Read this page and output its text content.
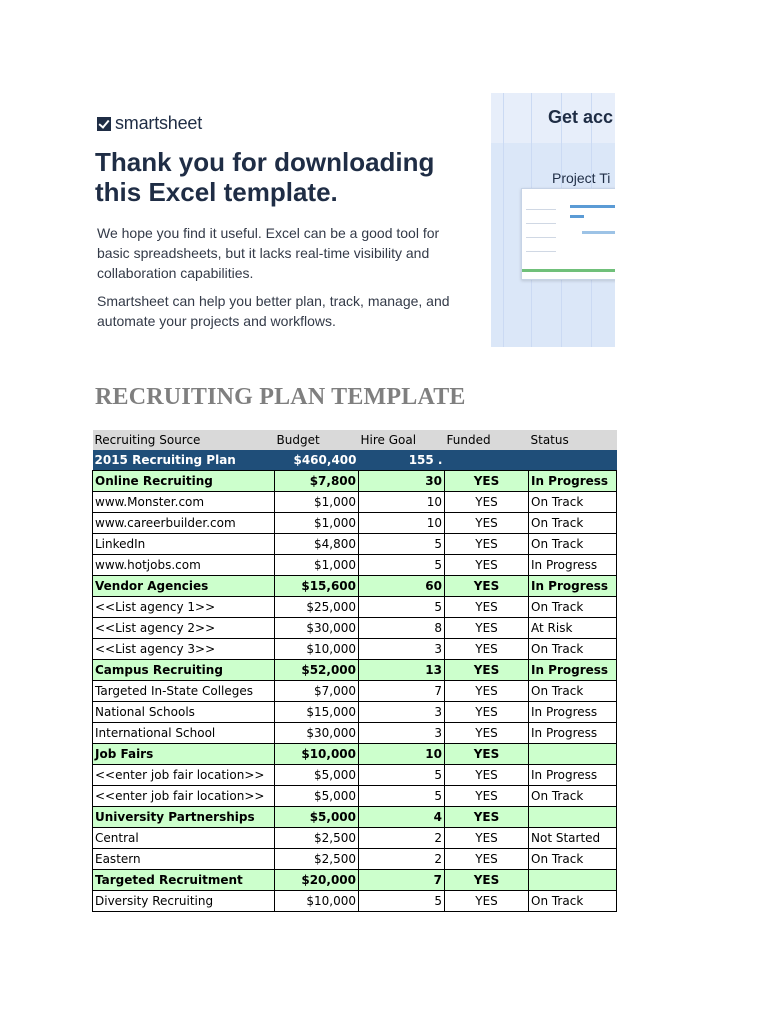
smartsheet
Thank you for downloading this Excel template.

We hope you find it useful. Excel can be a good tool for basic spreadsheets, but it lacks real-time visibility and collaboration capabilities.

Smartsheet can help you better plan, track, manage, and automate your projects and workflows.

Get acc
Project Ti
RECRUITING PLAN TEMPLATE
Recruiting Source	Budget	Hire Goal	Funded	Status
2015 Recruiting Plan	$460,400	155 .		
Online Recruiting	$7,800	30	YES	In Progress
www.Monster.com	$1,000	10	YES	On Track
www.careerbuilder.com	$1,000	10	YES	On Track
LinkedIn	$4,800	5	YES	On Track
www.hotjobs.com	$1,000	5	YES	In Progress
Vendor Agencies	$15,600	60	YES	In Progress
<<List agency 1>>	$25,000	5	YES	On Track
<<List agency 2>>	$30,000	8	YES	At Risk
<<List agency 3>>	$10,000	3	YES	On Track
Campus Recruiting	$52,000	13	YES	In Progress
Targeted In-State Colleges	$7,000	7	YES	On Track
National Schools	$15,000	3	YES	In Progress
International School	$30,000	3	YES	In Progress
Job Fairs	$10,000	10	YES	
<<enter job fair location>>	$5,000	5	YES	In Progress
<<enter job fair location>>	$5,000	5	YES	On Track
University Partnerships	$5,000	4	YES	
Central	$2,500	2	YES	Not Started
Eastern	$2,500	2	YES	On Track
Targeted Recruitment	$20,000	7	YES	
Diversity Recruiting	$10,000	5	YES	On Track
